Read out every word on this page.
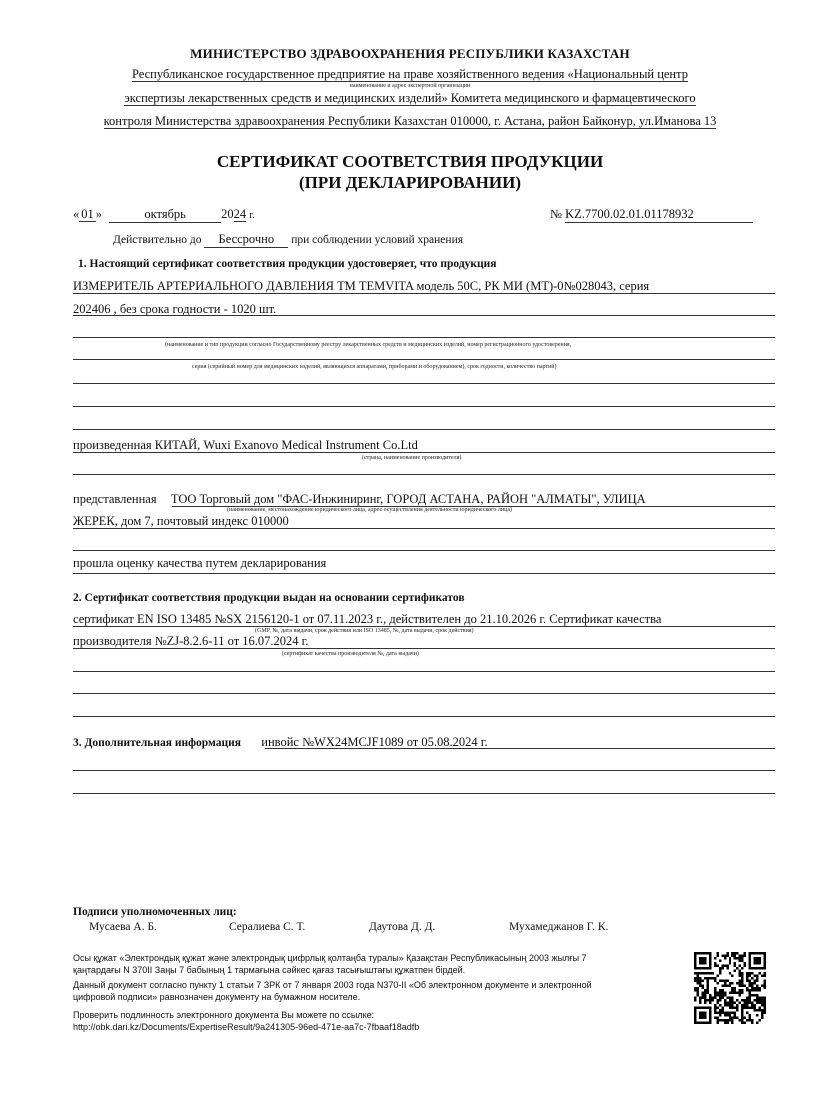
МИНИСТЕРСТВО ЗДРАВООХРАНЕНИЯ РЕСПУБЛИКИ КАЗАХСТАН
Республиканское государственное предприятие на праве хозяйственного ведения «Национальный центр
наименование и адрес экспертной организации
экспертизы лекарственных средств и медицинских изделий» Комитета медицинского и фармацевтического
контроля Министерства здравоохранения Республики Казахстан 010000, г. Астана, район Байконур, ул.Иманова 13
СЕРТИФИКАТ СООТВЕТСТВИЯ ПРОДУКЦИИ
(ПРИ ДЕКЛАРИРОВАНИИ)
« 01 »	октябрь	2024 г.	№ KZ.7700.02.01.01178932
Действительно до Бессрочно при соблюдении условий хранения
1. Настоящий сертификат соответствия продукции удостоверяет, что продукция
ИЗМЕРИТЕЛЬ АРТЕРИАЛЬНОГО ДАВЛЕНИЯ ТМ TEMVITA модель 50С, РК МИ (МТ)-0№028043, серия
202406 , без срока годности - 1020 шт.
(наименование и тип продукции согласно Государственному реестру лекарственных средств и медицинских изделий, номер регистрационного удостоверения,
серия (серийный номер для медицинских изделий, являющихся аппаратами, приборами и оборудованием), срок годности, количество партий)
произведенная КИТАЙ, Wuxi Exanovo Medical Instrument Co.Ltd
(страна, наименование производителя)
представленная ТОО Торговый дом "ФАС-Инжиниринг, ГОРОД АСТАНА, РАЙОН "АЛМАТЫ", УЛИЦА
(наименование, местонахождение юридического лица, адрес осуществления деятельности юридического лица)
ЖЕРЕК, дом 7, почтовый индекс 010000
прошла оценку качества путем декларирования
2. Сертификат соответствия продукции выдан на основании сертификатов
сертификат EN ISO 13485 №SX 2156120-1 от 07.11.2023 г., действителен до 21.10.2026 г. Сертификат качества
(GMP, №, дата выдачи, срок действия или ISO 13485, №, дата выдачи, срок действия)
производителя №ZJ-8.2.6-11 от 16.07.2024 г.
(сертификат качества производителя №, дата выдачи)
3. Дополнительная информация инвойс №WX24MCJF1089 от 05.08.2024 г.
Подписи уполномоченных лиц:
Мусаева А. Б.	Сералиева С. Т.	Даутова Д. Д.	Мухамеджанов Г. К.
Осы құжат «Электрондық құжат және электрондық цифрлық қолтаңба туралы» Қазақстан Республикасының 2003 жылғы 7
қаңтардағы N 370II Заңы 7 бабының 1 тармағына сәйкес қағаз тасығыштағы құжатпен бірдей.
Данный документ согласно пункту 1 статьи 7 ЗРК от 7 января 2003 года N370-II «Об электронном документе и электронной
цифровой подписи» равнозначен документу на бумажном носителе.
Проверить подлинность электронного документа Вы можете по ссылке:
http://obk.dari.kz/Documents/ExpertiseResult/9a241305-96ed-471e-aa7c-7fbaaf18adfb
